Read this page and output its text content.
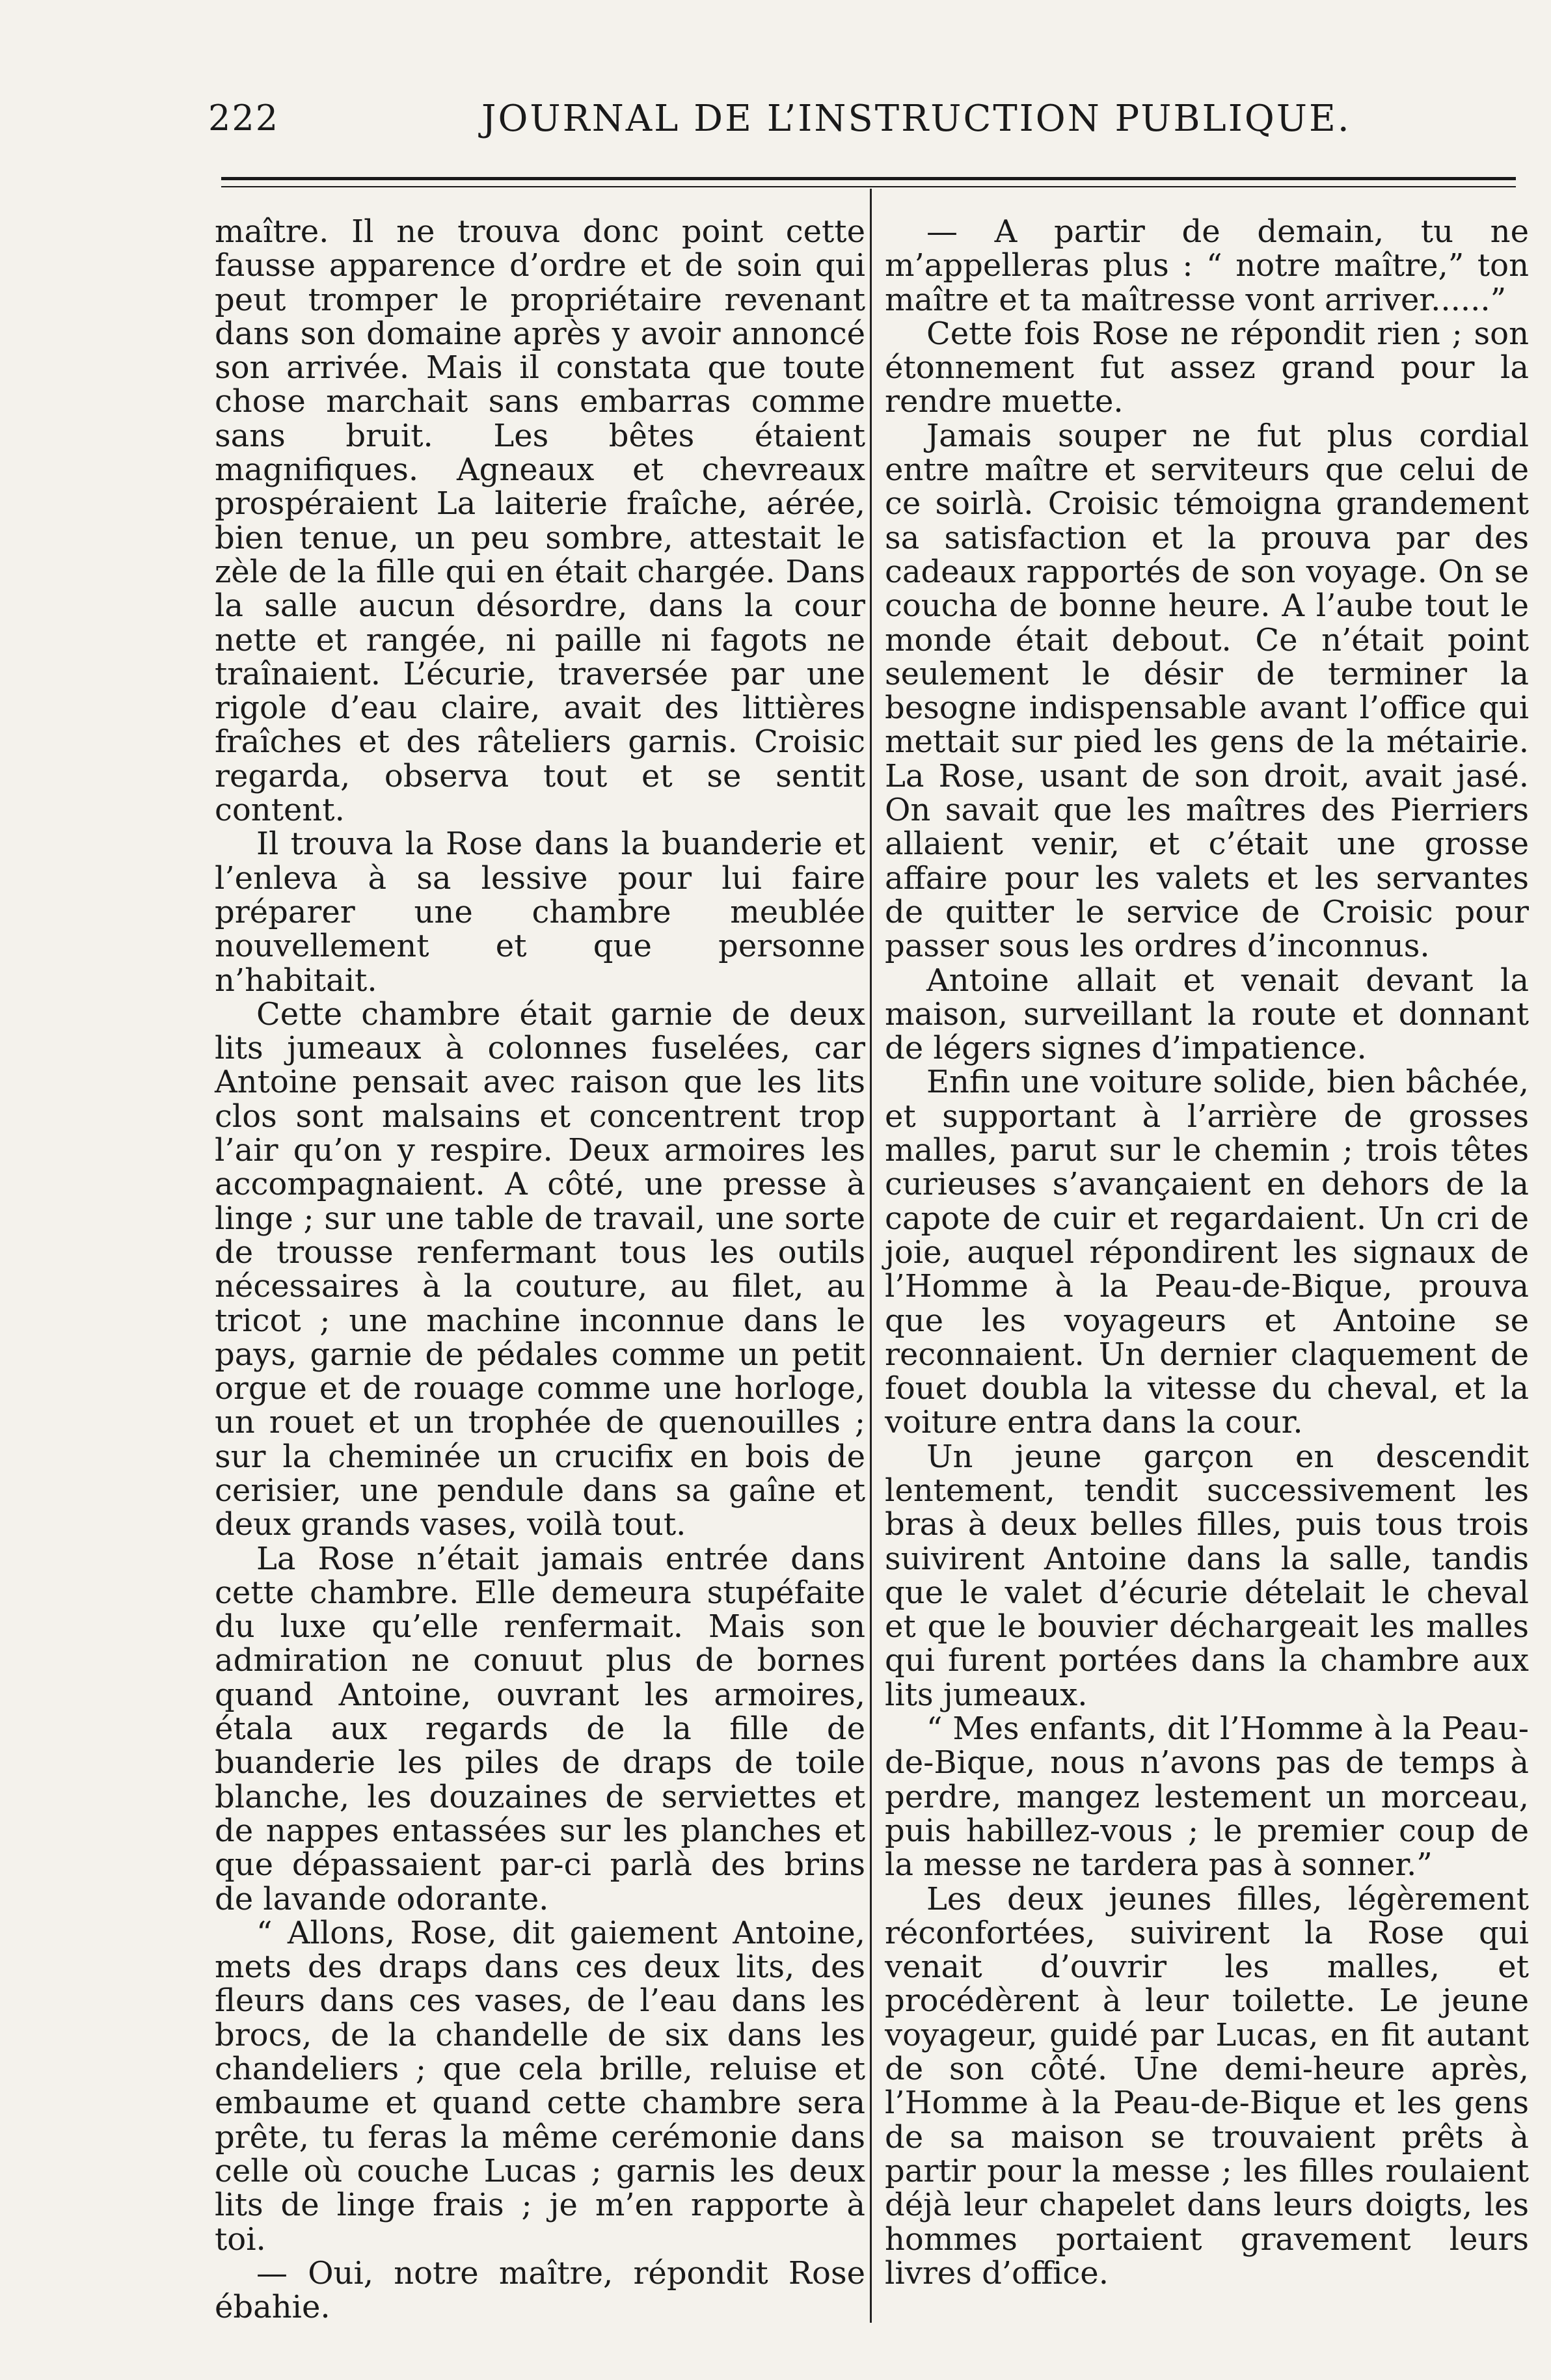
222	JOURNAL DE L’INSTRUCTION PUBLIQUE.

maître. Il ne trouva donc point cette fausse apparence d’ordre et de soin qui peut tromper le propriétaire revenant dans son domaine après y avoir annoncé son arrivée. Mais il constata que toute chose marchait sans embarras comme sans bruit. Les bêtes étaient magnifiques. Agneaux et chevreaux prospéraient La laiterie fraîche, aérée, bien tenue, un peu sombre, attestait le zèle de la fille qui en était chargée. Dans la salle aucun désordre, dans la cour nette et rangée, ni paille ni fagots ne traînaient. L’écurie, traversée par une rigole d’eau claire, avait des littières fraîches et des râteliers garnis. Croisic regarda, observa tout et se sentit content.

Il trouva la Rose dans la buanderie et l’enleva à sa lessive pour lui faire préparer une chambre meublée nouvellement et que personne n’habitait.

Cette chambre était garnie de deux lits jumeaux à colonnes fuselées, car Antoine pensait avec raison que les lits clos sont malsains et concentrent trop l’air qu’on y respire. Deux armoires les accompagnaient. A côté, une presse à linge ; sur une table de travail, une sorte de trousse renfermant tous les outils nécessaires à la couture, au filet, au tricot ; une machine inconnue dans le pays, garnie de pédales comme un petit orgue et de rouage comme une horloge, un rouet et un trophée de quenouilles ; sur la cheminée un crucifix en bois de cerisier, une pendule dans sa gaîne et deux grands vases, voilà tout.

La Rose n’était jamais entrée dans cette chambre. Elle demeura stupéfaite du luxe qu’elle renfermait. Mais son admiration ne conuut plus de bornes quand Antoine, ouvrant les armoires, étala aux regards de la fille de buanderie les piles de draps de toile blanche, les douzaines de serviettes et de nappes entassées sur les planches et que dépassaient par-ci parlà des brins de lavande odorante.

“ Allons, Rose, dit gaiement Antoine, mets des draps dans ces deux lits, des fleurs dans ces vases, de l’eau dans les brocs, de la chandelle de six dans les chandeliers ; que cela brille, reluise et embaume et quand cette chambre sera prête, tu feras la même cerémonie dans celle où couche Lucas ; garnis les deux lits de linge frais ; je m’en rapporte à toi.

— Oui, notre maître, répondit Rose ébahie.

— A partir de demain, tu ne m’appelleras plus : “ notre maître,” ton maître et ta maîtresse vont arriver......”

Cette fois Rose ne répondit rien ; son étonnement fut assez grand pour la rendre muette.

Jamais souper ne fut plus cordial entre maître et serviteurs que celui de ce soirlà. Croisic témoigna grandement sa satisfaction et la prouva par des cadeaux rapportés de son voyage. On se coucha de bonne heure. A l’aube tout le monde était debout. Ce n’était point seulement le désir de terminer la besogne indispensable avant l’office qui mettait sur pied les gens de la métairie. La Rose, usant de son droit, avait jasé. On savait que les maîtres des Pierriers allaient venir, et c’était une grosse affaire pour les valets et les servantes de quitter le service de Croisic pour passer sous les ordres d’inconnus.

Antoine allait et venait devant la maison, surveillant la route et donnant de légers signes d’impatience.

Enfin une voiture solide, bien bâchée, et supportant à l’arrière de grosses malles, parut sur le chemin ; trois têtes curieuses s’avançaient en dehors de la capote de cuir et regardaient. Un cri de joie, auquel répondirent les signaux de l’Homme à la Peau-de-Bique, prouva que les voyageurs et Antoine se reconnaient. Un dernier claquement de fouet doubla la vitesse du cheval, et la voiture entra dans la cour.

Un jeune garçon en descendit lentement, tendit successivement les bras à deux belles filles, puis tous trois suivirent Antoine dans la salle, tandis que le valet d’écurie dételait le cheval et que le bouvier déchargeait les malles qui furent portées dans la chambre aux lits jumeaux.

“ Mes enfants, dit l’Homme à la Peau-de-Bique, nous n’avons pas de temps à perdre, mangez lestement un morceau, puis habillez-vous ; le premier coup de la messe ne tardera pas à sonner.”

Les deux jeunes filles, légèrement réconfortées, suivirent la Rose qui venait d’ouvrir les malles, et procédèrent à leur toilette. Le jeune voyageur, guidé par Lucas, en fit autant de son côté. Une demi-heure après, l’Homme à la Peau-de-Bique et les gens de sa maison se trouvaient prêts à partir pour la messe ; les filles roulaient déjà leur chapelet dans leurs doigts, les hommes portaient gravement leurs livres d’office.
